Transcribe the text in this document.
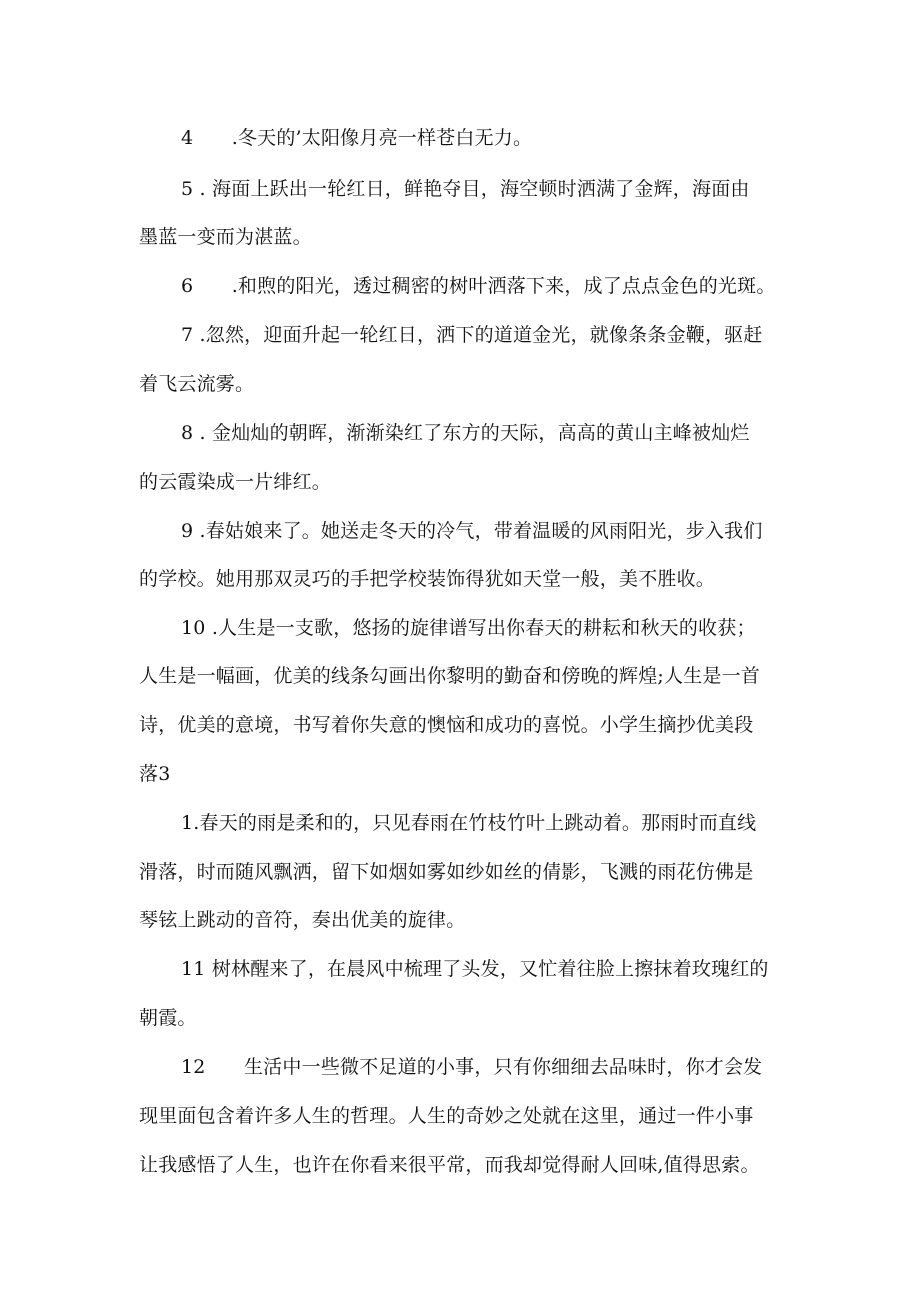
4　　.冬天的’太阳像月亮一样苍白无力。
5 . 海面上跃出一轮红日，鲜艳夺目，海空顿时洒满了金辉，海面由
墨蓝一变而为湛蓝。
6　　.和煦的阳光，透过稠密的树叶洒落下来，成了点点金色的光斑。
7 .忽然，迎面升起一轮红日，洒下的道道金光，就像条条金鞭，驱赶
着飞云流雾。
8 . 金灿灿的朝晖，渐渐染红了东方的天际，高高的黄山主峰被灿烂
的云霞染成一片绯红。
9 .春姑娘来了。她送走冬天的冷气，带着温暖的风雨阳光，步入我们
的学校。她用那双灵巧的手把学校装饰得犹如天堂一般，美不胜收。
10 .人生是一支歌，悠扬的旋律谱写出你春天的耕耘和秋天的收获；
人生是一幅画，优美的线条勾画出你黎明的勤奋和傍晚的辉煌;人生是一首
诗，优美的意境，书写着你失意的懊恼和成功的喜悦。小学生摘抄优美段
落3
1.春天的雨是柔和的，只见春雨在竹枝竹叶上跳动着。那雨时而直线
滑落，时而随风飘洒，留下如烟如雾如纱如丝的倩影，飞溅的雨花仿佛是
琴铉上跳动的音符，奏出优美的旋律。
11 树林醒来了，在晨风中梳理了头发，又忙着往脸上擦抹着玫瑰红的
朝霞。
12　　生活中一些微不足道的小事，只有你细细去品味时，你才会发
现里面包含着许多人生的哲理。人生的奇妙之处就在这里，通过一件小事
让我感悟了人生，也许在你看来很平常，而我却觉得耐人回味,值得思索。
